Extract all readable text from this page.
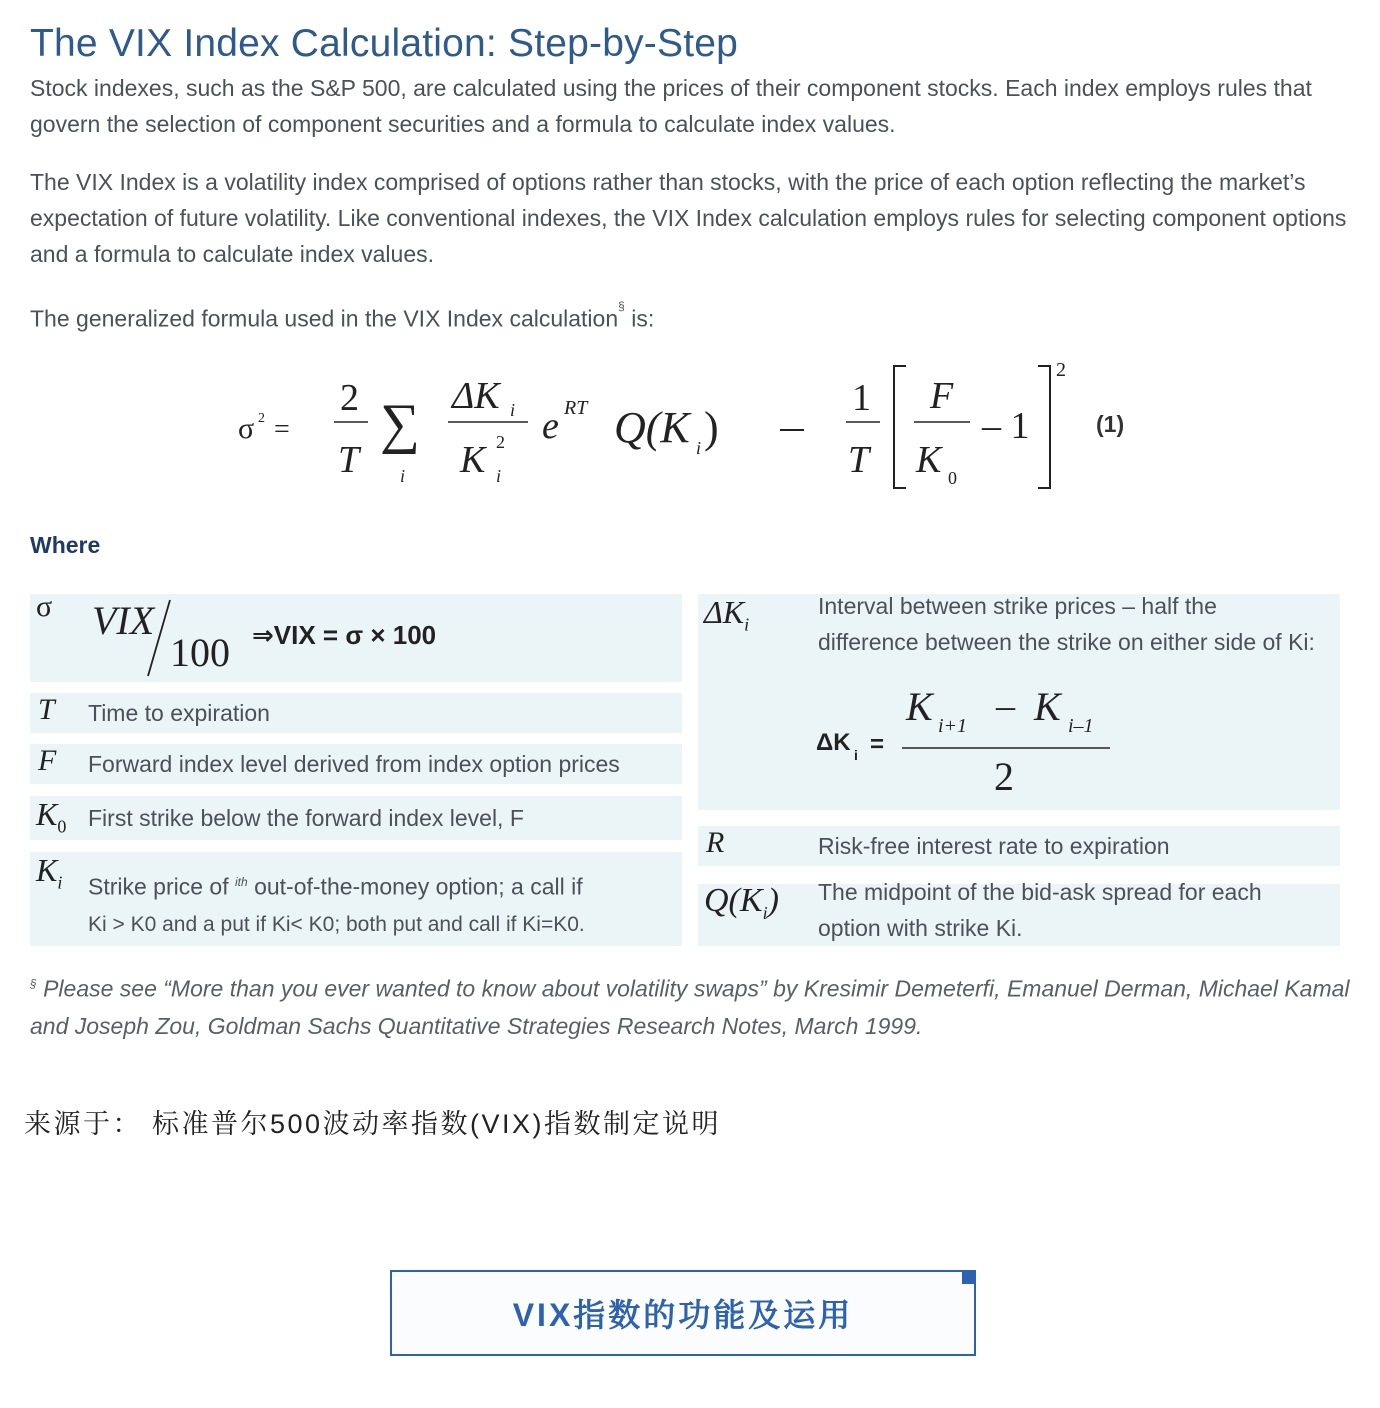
The VIX Index Calculation: Step-by-Step
Stock indexes, such as the S&P 500, are calculated using the prices of their component stocks. Each index employs rules that govern the selection of component securities and a formula to calculate index values.
The VIX Index is a volatility index comprised of options rather than stocks, with the price of each option reflecting the market’s expectation of future volatility. Like conventional indexes, the VIX Index calculation employs rules for selecting component options and a formula to calculate index values.
The generalized formula used in the VIX Index calculation§ is:
σ 2 =
2
T
∑
i
ΔK i
K 2
i
e RT Q(K i )
1
T
F
K 0
– 1
2
(1)
Where
σ VIX
100 ⇒VIX = σ × 100
T Time to expiration
F Forward index level derived from index option prices
$K_0$ First strike below the forward index level, F
$K_i$ Strike price of $^{ith}$ out-of-the-money option; a call if
Ki > K0 and a put if Ki< K0; both put and call if Ki=K0.
$\Delta K_i$
Interval between strike prices – half the
difference between the strike on either side of Ki:
ΔK i =
K i+1 – K i–1
2
R	Risk-free interest rate to expiration
$Q(K_i)$ The midpoint of the bid-ask spread for each
option with strike Ki.
§ Please see “More than you ever wanted to know about volatility swaps” by Kresimir Demeterfi, Emanuel Derman, Michael Kamal and Joseph Zou, Goldman Sachs Quantitative Strategies Research Notes, March 1999.
来源于： 标准普尔500波动率指数(VIX)指数制定说明
VIX指数的功能及运用
